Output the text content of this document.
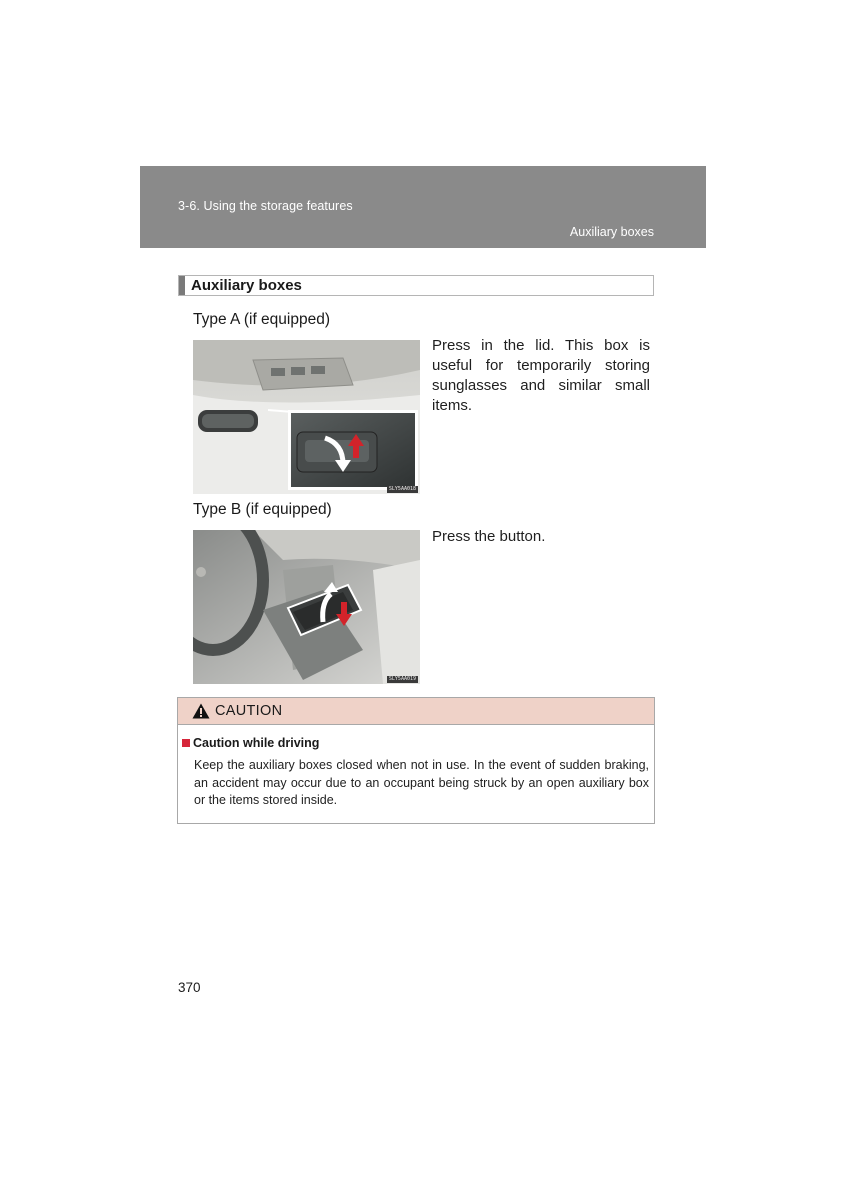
3-6. Using the storage features
Auxiliary boxes
Auxiliary boxes
Type A (if equipped)
SLY5AA018
Press in the lid. This box is useful for temporarily storing sunglasses and similar small items.
Type B (if equipped)
SLY5AA019
Press the button.
CAUTION
Caution while driving
Keep the auxiliary boxes closed when not in use. In the event of sudden braking, an accident may occur due to an occupant being struck by an open auxiliary box or the items stored inside.
370
